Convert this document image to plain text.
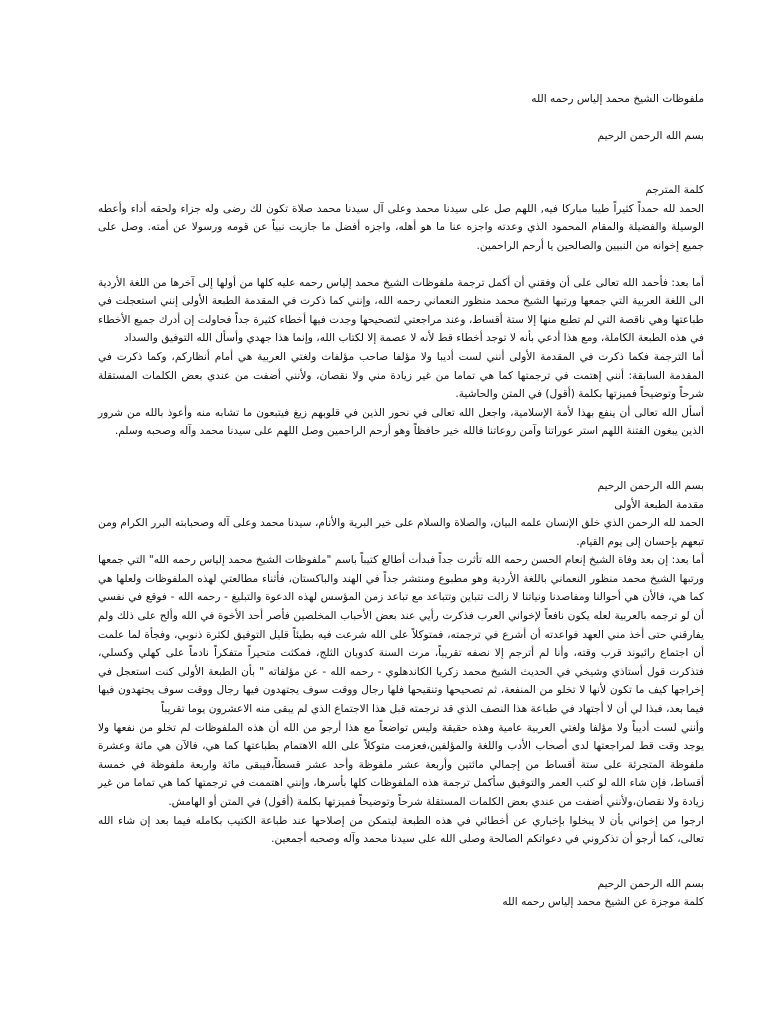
ملفوظات الشيخ محمد إلياس رحمه الله

بسم الله الرحمن الرحيم

كلمة المترجم

الحمد لله حمداً كثيراً طيبا مباركا فيه, اللهم صل على سيدنا محمد وعلى آل سيدنا محمد صلاة تكون لك رضى وله جزاء ولحقه أداء وأعطه الوسيلة والفضيلة والمقام المحمود الذي وعدته واجزه عنا ما هو أهله، واجزه أفضل ما جازيت نبياً عن قومه ورسولا عن أمته. وصل على جميع إخوانه من النبيين والصالحين يا أرحم الراحمين.

أما بعد: فأحمد الله تعالى على أن وفقني أن أكمل ترجمة ملفوظات الشيخ محمد إلياس رحمه عليه كلها من أولها إلى آخرها من اللغة الأردية الى اللغة العربية التي جمعها ورتبها الشيخ محمد منظور النعماني رحمه الله، وإنني كما ذكرت في المقدمة الطبعة الأولى إنني استعجلت في طباعتها وهي ناقصة التي لم تطبع منها إلا ستة أقساط، وعند مراجعتي لتصحيحها وجدت فيها أخطاء كثيرة جداً فحاولت إن أدرك جميع الأخطاء في هذه الطبعة الكاملة، ومع هذا أدعي بأنه لا توجد أخطاء قط لأنه لا عصمة إلا لكتاب الله، وإنما هذا جهدي وأسأل الله التوفيق والسداد

أما الترجمة فكما ذكرت في المقدمة الأولى أنني لست أديبا ولا مؤلفا صاحب مؤلفات ولغتي العربية هي أمام أنظاركم، وكما ذكرت في المقدمة السابقة: أنني إهتمت في ترجمتها كما هي تماما من غير زيادة مني ولا نقصان، ولأنني أضفت من عندي بعض الكلمات المستقلة شرحاً وتوضيحاً فميزتها بكلمة (أقول) في المتن والحاشية.

أسأل الله تعالى أن ينفع بهذا لأمة الإسلامية، واجعل الله تعالى في نحور الذين في قلوبهم زيغ فيتبعون ما تشابه منه وأعوذ بالله من شرور الذين يبغون الفتنة اللهم استر عوراتنا وآمن روعاتنا فالله خير حافظاً وهو أرحم الراحمين وصل اللهم على سيدنا محمد وآله وصحبه وسلم.

بسم الله الرحمن الرحيم

مقدمة الطبعة الأولى

الحمد لله الرحمن الذي خلق الإنسان علمه البيان، والصلاة والسلام على خير البرية والأنام، سيدنا محمد وعلى آله وصحبابته البرر الكرام ومن تبعهم بإحسان إلى يوم القيام.

أما بعد: إن بعد وفاة الشيخ إنعام الحسن رحمه الله تأثرت جداً فبدأت أطالع كتيباً باسم "ملفوظات الشيخ محمد إلياس رحمه الله" التي جمعها ورتبها الشيخ محمد منظور النعماني باللغة الأردية وهو مطبوع ومنتشر جداً في الهند والباكستان، فأثناء مطالعتي لهذه الملفوظات ولعلها هي كما هي، فالأن هي أحوالنا ومفاصدنا ونياتنا لا زالت تتباين وتتباعد مع تباعد زمن المؤسس لهذه الدعوة والتبليغ - رحمه الله - فوقع في نفسي أن لو ترجمه بالعربية لعله يكون نافعاً لإخواني العرب فذكرت رأيي عند بعض الأحباب المخلصين فأصر أحد الأخوة في الله وألح على ذلك ولم يفارقني حتى أخذ مني العهد فواعدته أن أشرع في ترجمته، فمتوكلاً على الله شرعت فيه بطيئاً قليل التوفيق لكثرة ذنوبي، وفجأة لما علمت أن اجتماع رائيوند قرب وقته، وأنا لم أترجم إلا نصفه تقريباً، مرت السنة كدوبان الثلج، فمكثت متحيراً متفكراً نادماً على كهلي وكسلي، فتذكرت قول أستاذي وشيخي في الحديث الشيخ محمد زكريا الكاندهلوي - رحمه الله - عن مؤلفاته " بأن الطبعة الأولى كنت استعجل في إخراجها كيف ما تكون لأنها لا تخلو من المنفعة، ثم تصحيحها وتنقيحها فلها رجال ووقت سوف يجتهدون فيها رجال ووقت سوف يجتهدون فيها فيما بعد، فبذا لي أن لا أجتهاد في طباعة هذا النصف الذي قد ترجمته قبل هذا الاجتماع الذي لم يبقى منه الاعشرون يوما تقريباً

وأنني لست أديباً ولا مؤلفا ولغتي العربية عامية وهذه حقيقة وليس تواضعاً مع هذا أرجو من الله أن هذه الملفوظات لم تخلو من نفعها ولا يوجد وقت قط لمراجعتها لدى أصحاب الأدب واللغة والمؤلفين،فعزمت متوكلاً على الله الاهتمام بطباعتها كما هي، فالآن هي مائة وعشرة ملفوظة المتجرئة على ستة أقساط من إجمالي مائتين وأربعة عشر ملفوظة وأحد عشر قسطاً،فيبقى مائة واربعة ملفوظة في خمسة أقساط، فإن شاء الله لو كتب العمر والتوفيق سأكمل ترجمة هذه الملفوظات كلها بأسرها، وإنني اهتممت في ترجمتها كما هي تماما من غير زيادة ولا نقصان،ولأنني أضفت من عندي بعض الكلمات المستقلة شرحاً وتوضيحاً فميزتها بكلمة (أقول) في المتن أو الهامش.

ارجوا من إخواني بأن لا يبخلوا بإخباري عن أخطائي في هذه الطبعة ليتمكن من إصلاحها عند طباعة الكتيب بكامله فيما بعد إن شاء الله تعالى، كما أرجو أن تذكروني في دعواتكم الصالحة وصلى الله على سيدنا محمد وآله وصحبه أجمعين.

بسم الله الرحمن الرحيم

كلمة موجزة عن الشيخ محمد إلياس رحمه الله
